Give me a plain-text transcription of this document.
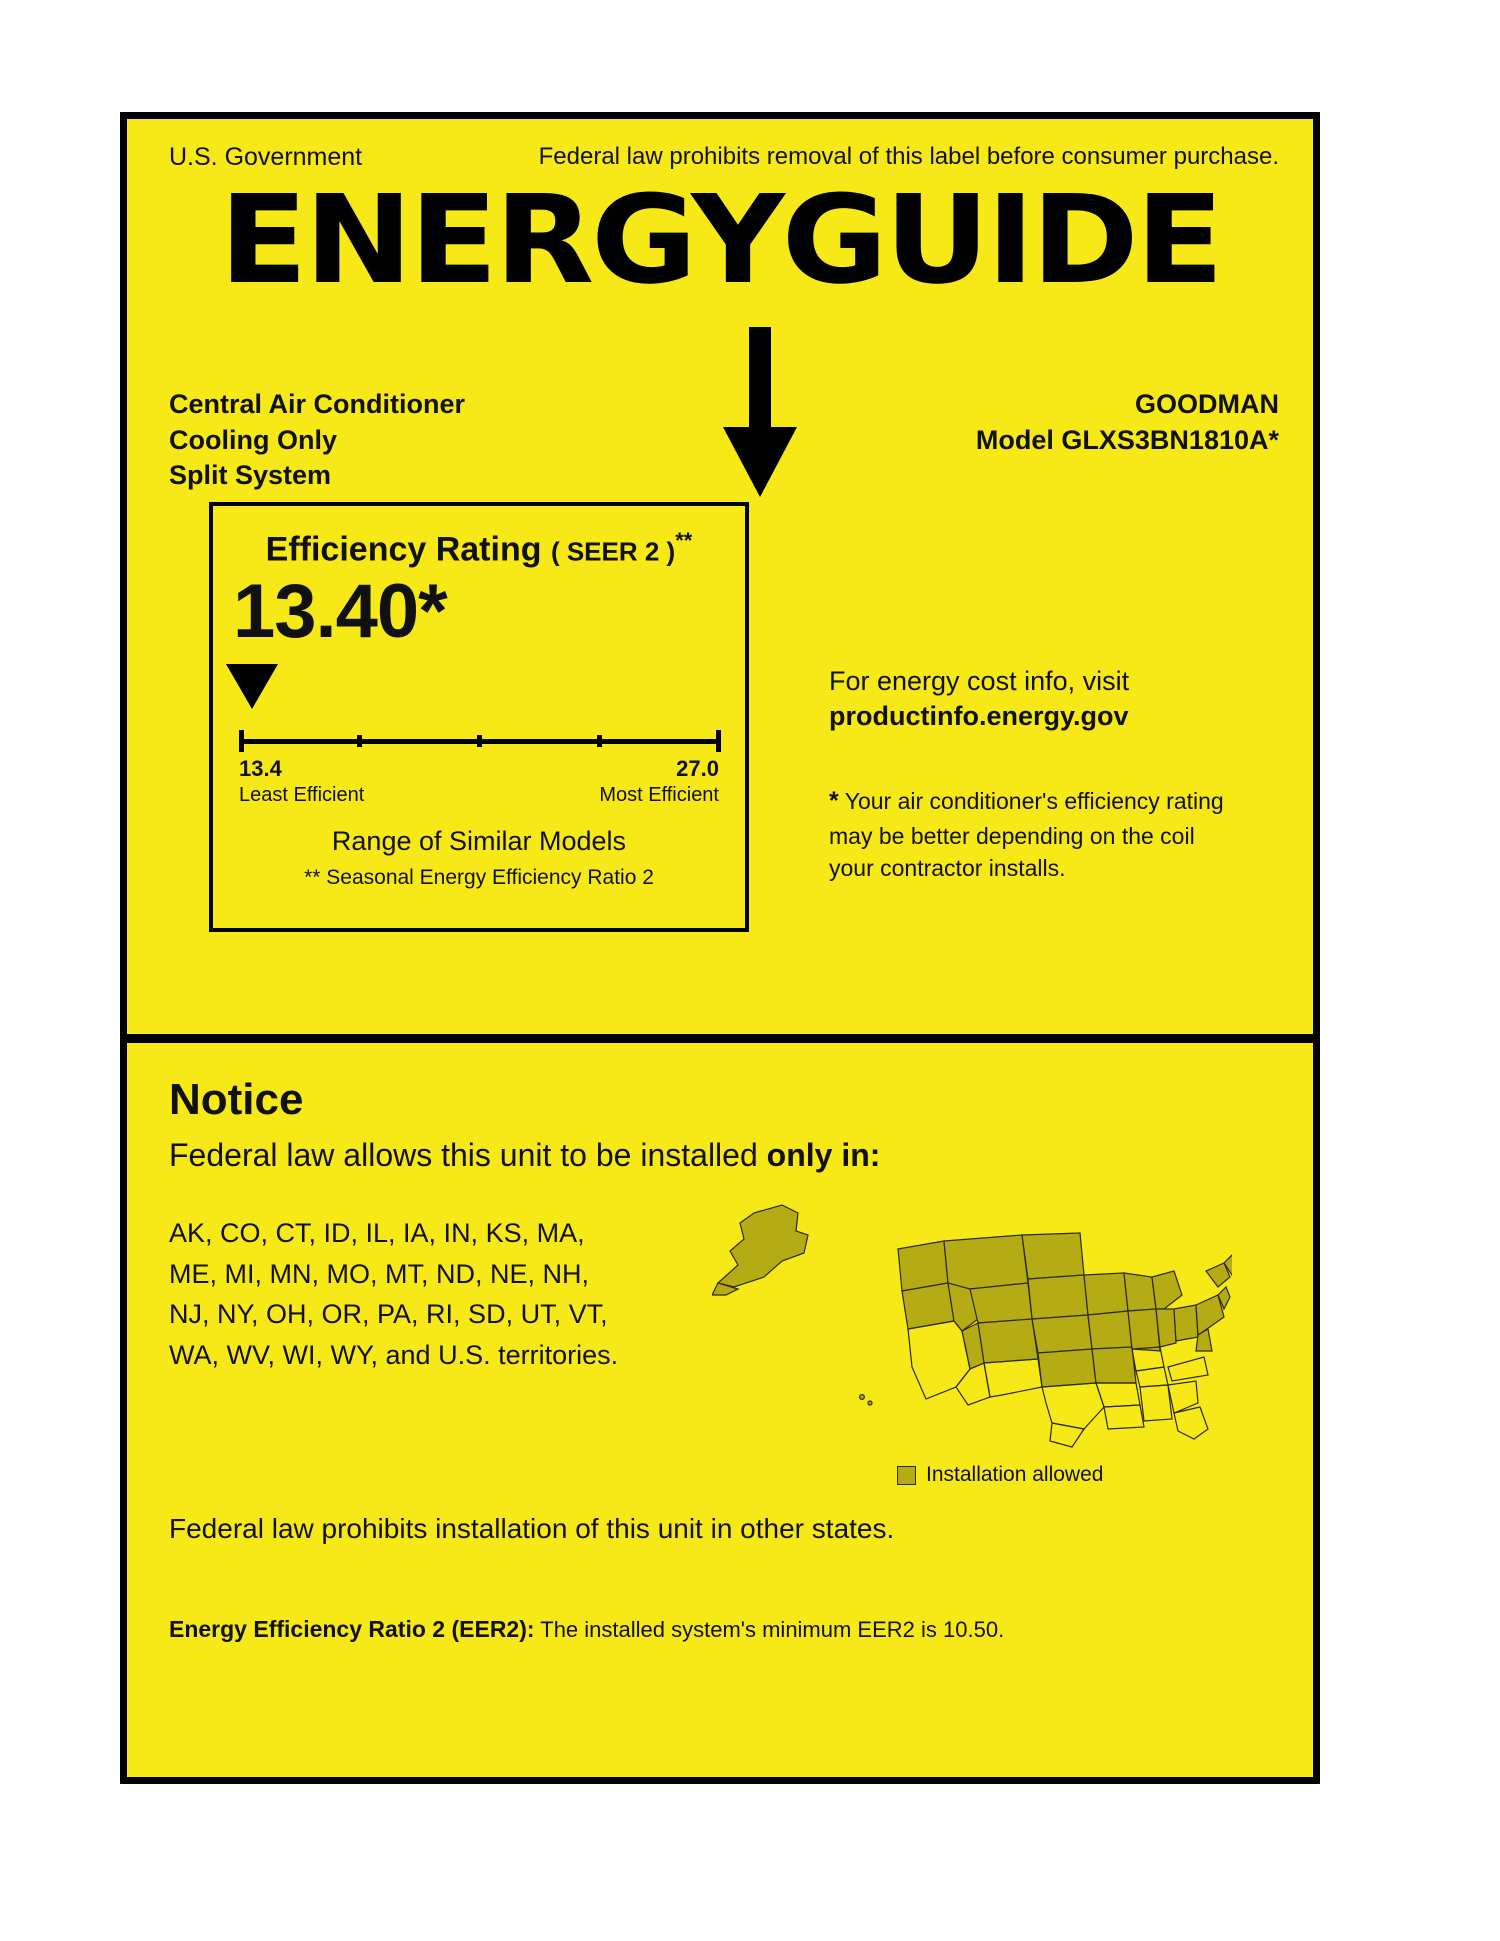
U.S. Government	Federal law prohibits removal of this label before consumer purchase.
ENERGYGUIDE
Central Air Conditioner
Cooling Only
Split System
GOODMAN
Model GLXS3BN1810A*
Efficiency Rating ( SEER 2 )**
13.40*
13.4	27.0
Least Efficient	Most Efficient
Range of Similar Models
** Seasonal Energy Efficiency Ratio 2
For energy cost info, visit
productinfo.energy.gov
* Your air conditioner's efficiency rating may be better depending on the coil your contractor installs.
Notice
Federal law allows this unit to be installed only in:
AK, CO, CT, ID, IL, IA, IN, KS, MA,
ME, MI, MN, MO, MT, ND, NE, NH,
NJ, NY, OH, OR, PA, RI, SD, UT, VT,
WA, WV, WI, WY, and U.S. territories.
Installation allowed
Federal law prohibits installation of this unit in other states.
Energy Efficiency Ratio 2 (EER2): The installed system's minimum EER2 is 10.50.
